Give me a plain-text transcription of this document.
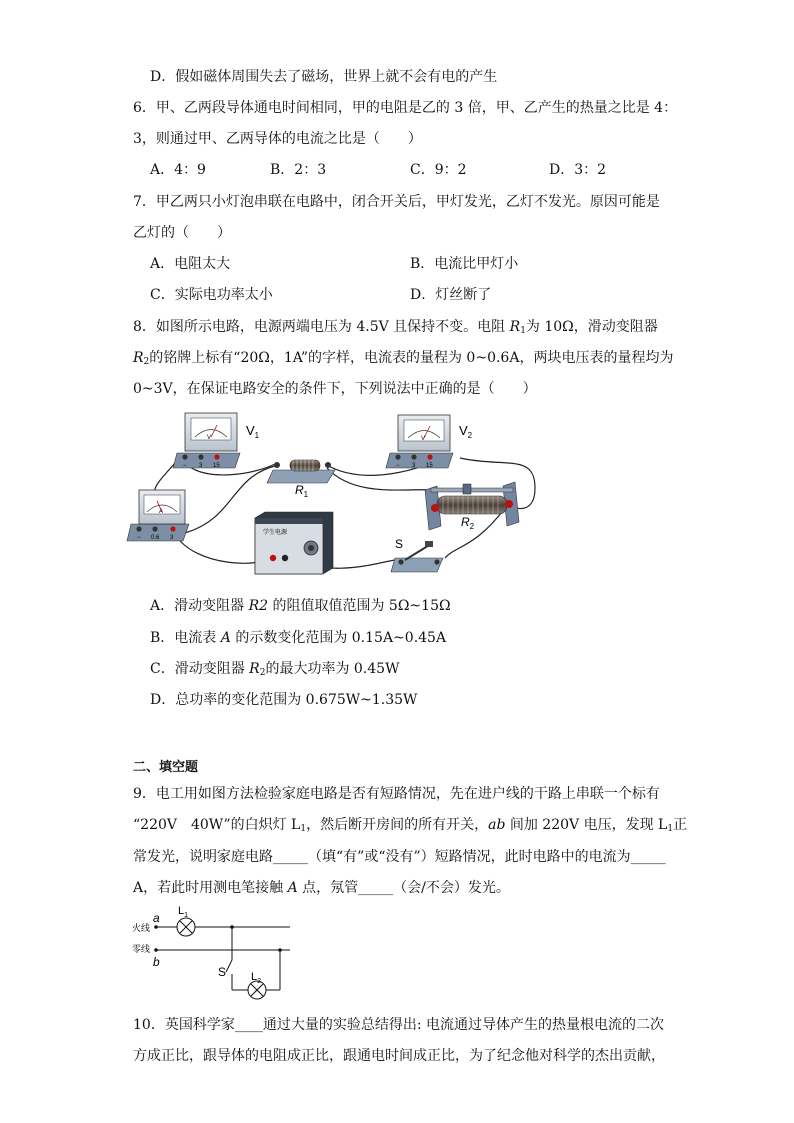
D．假如磁体周围失去了磁场，世界上就不会有电的产生
6．甲、乙两段导体通电时间相同，甲的电阻是乙的 3 倍，甲、乙产生的热量之比是 4：
3，则通过甲、乙两导体的电流之比是（　　）
A．4：9	B．2：3	C．9：2	D．3：2
7．甲乙两只小灯泡串联在电路中，闭合开关后，甲灯发光，乙灯不发光。原因可能是
乙灯的（　　）
A．电阻太大	B．电流比甲灯小
C．实际电功率太小	D．灯丝断了
8．如图所示电路，电源两端电压为 4.5V 且保持不变。电阻 $R_1$为 10Ω，滑动变阻器
$R_2$的铭牌上标有“20Ω，1A”的字样，电流表的量程为 0~0.6A，两块电压表的量程均为
0~3V，在保证电路安全的条件下，下列说法中正确的是（　　）
V
− 3 15
$V_1$	V
− 3 15
$V_2$
$R_1$
$R_2$
A
− 0.6 3
学生电源
S
A．滑动变阻器 R2 的阻值取值范围为 5Ω~15Ω
B．电流表 A 的示数变化范围为 0.15A~0.45A
C．滑动变阻器 $R_2$的最大功率为 0.45W
D．总功率的变化范围为 0.675W~1.35W
二、填空题
9．电工用如图方法检验家庭电路是否有短路情况，先在进户线的干路上串联一个标有
“220V　40W”的白炽灯 $L_1$，然后断开房间的所有开关，ab 间加 220V 电压，发现 $L_1$正
常发光，说明家庭电路_____（填“有”或“没有”）短路情况，此时电路中的电流为_____
A，若此时用测电笔接触 A 点，氖管_____（会/不会）发光。
火线
零线
a
b
$L_1$
$L_2$
S
10．英国科学家____通过大量的实验总结得出: 电流通过导体产生的热量根电流的二次
方成正比，跟导体的电阻成正比，跟通电时间成正比，为了纪念他对科学的杰出贡献，
